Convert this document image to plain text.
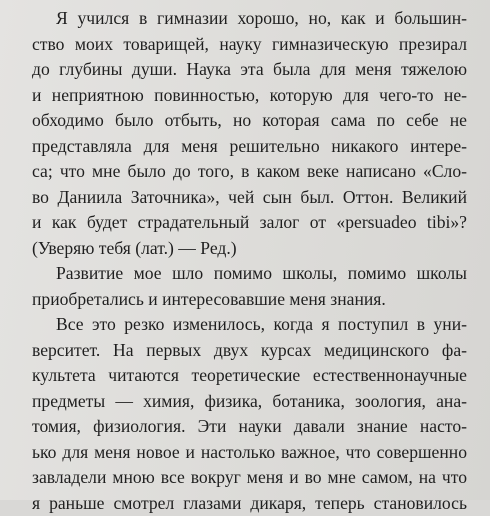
Я учился в гимназии хорошо, но, как и большин-
ство моих товарищей, науку гимназическую презирал
до глубины души. Наука эта была для меня тяжелою
и неприятною повинностью, которую для чего-то не-
обходимо было отбыть, но которая сама по себе не
представляла для меня решительно никакого интере-
са; что мне было до того, в каком веке написано «Сло-
во Даниила Заточника», чей сын был. Оттон. Великий
и как будет страдательный залог от «persuadeo tibi»?
(Уверяю тебя (лат.) — Ред.)
Развитие мое шло помимо школы, помимо школы
приобретались и интересовавшие меня знания.
Все это резко изменилось, когда я поступил в уни-
верситет. На первых двух курсах медицинского фа-
культета читаются теоретические естественнонаучные
предметы — химия, физика, ботаника, зоология, ана-
томия, физиология. Эти науки давали знание насто-
ько для меня новое и настолько важное, что совершенно
завладели мною все вокруг меня и во мне самом, на что
я раньше смотрел глазами дикаря, теперь становилось
